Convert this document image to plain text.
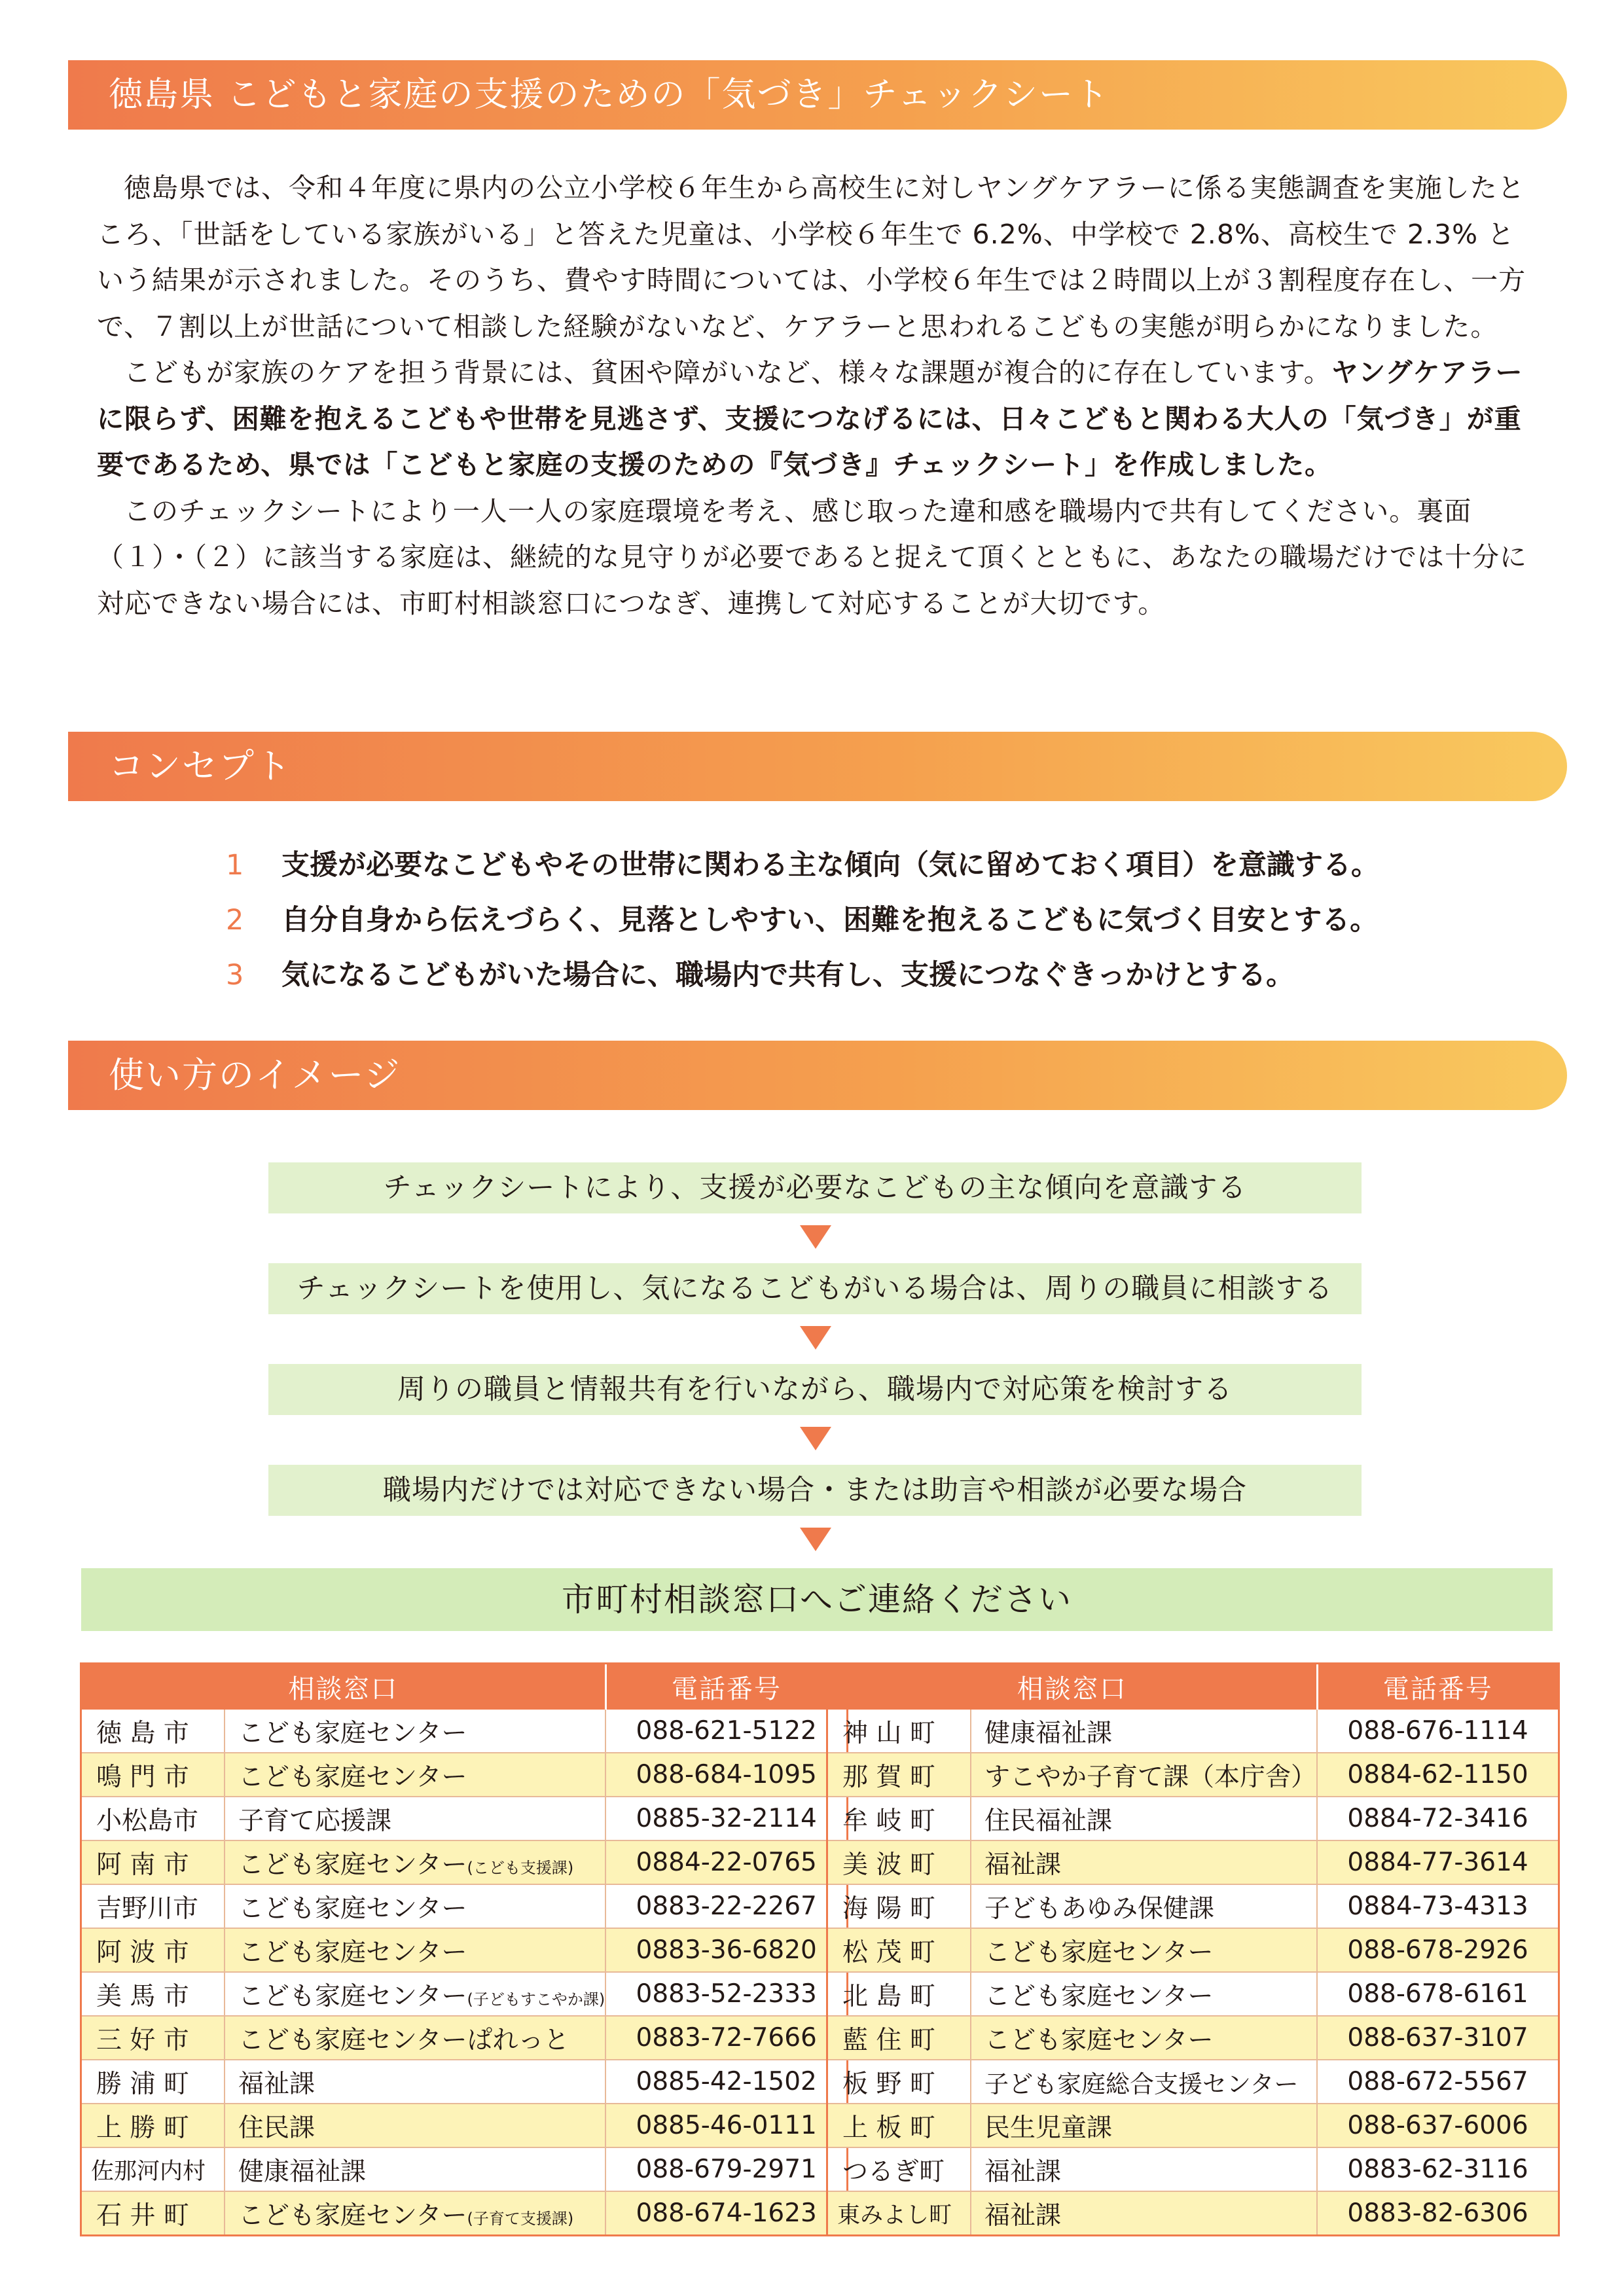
徳島県 こどもと家庭の支援のための「気づき」チェックシート

徳島県では、令和４年度に県内の公立小学校６年生から高校生に対しヤングケアラーに係る実態調査を実施したところ、「世話をしている家族がいる」と答えた児童は、小学校６年生で 6.2%、中学校で 2.8%、高校生で 2.3% という結果が示されました。そのうち、費やす時間については、小学校６年生では２時間以上が３割程度存在し、一方で、７割以上が世話について相談した経験がないなど、ケアラーと思われるこどもの実態が明らかになりました。

こどもが家族のケアを担う背景には、貧困や障がいなど、様々な課題が複合的に存在しています。ヤングケアラーに限らず、困難を抱えるこどもや世帯を見逃さず、支援につなげるには、日々こどもと関わる大人の「気づき」が重要であるため、県では「こどもと家庭の支援のための『気づき』チェックシート」を作成しました。

このチェックシートにより一人一人の家庭環境を考え、感じ取った違和感を職場内で共有してください。裏面（１）・（２）に該当する家庭は、継続的な見守りが必要であると捉えて頂くとともに、あなたの職場だけでは十分に対応できない場合には、市町村相談窓口につなぎ、連携して対応することが大切です。

コンセプト
1 支援が必要なこどもやその世帯に関わる主な傾向（気に留めておく項目）を意識する。
2 自分自身から伝えづらく、見落としやすい、困難を抱えるこどもに気づく目安とする。
3 気になるこどもがいた場合に、職場内で共有し、支援につなぐきっかけとする。
使い方のイメージ
チェックシートにより、支援が必要なこどもの主な傾向を意識する
チェックシートを使用し、気になるこどもがいる場合は、周りの職員に相談する
周りの職員と情報共有を行いながら、職場内で対応策を検討する
職場内だけでは対応できない場合・または助言や相談が必要な場合
市町村相談窓口へご連絡ください
相談窓口		電話番号
徳 島 市	こども家庭センター	088-621-5122
鳴 門 市	こども家庭センター	088-684-1095
小松島市	子育て応援課	0885-32-2114
阿 南 市	こども家庭センター(こども支援課)	0884-22-0765
吉野川市	こども家庭センター	0883-22-2267
阿 波 市	こども家庭センター	0883-36-6820
美 馬 市	こども家庭センター(子どもすこやか課)	0883-52-2333
三 好 市	こども家庭センターぱれっと	0883-72-7666
勝 浦 町	福祉課	0885-42-1502
上 勝 町	住民課	0885-46-0111
佐那河内村	健康福祉課	088-679-2971
石 井 町	こども家庭センター(子育て支援課)	088-674-1623
相談窓口		電話番号
神 山 町	健康福祉課	088-676-1114
那 賀 町	すこやか子育て課（本庁舎）	0884-62-1150
牟 岐 町	住民福祉課	0884-72-3416
美 波 町	福祉課	0884-77-3614
海 陽 町	子どもあゆみ保健課	0884-73-4313
松 茂 町	こども家庭センター	088-678-2926
北 島 町	こども家庭センター	088-678-6161
藍 住 町	こども家庭センター	088-637-3107
板 野 町	子ども家庭総合支援センター	088-672-5567
上 板 町	民生児童課	088-637-6006
つるぎ町	福祉課	0883-62-3116
東みよし町	福祉課	0883-82-6306
